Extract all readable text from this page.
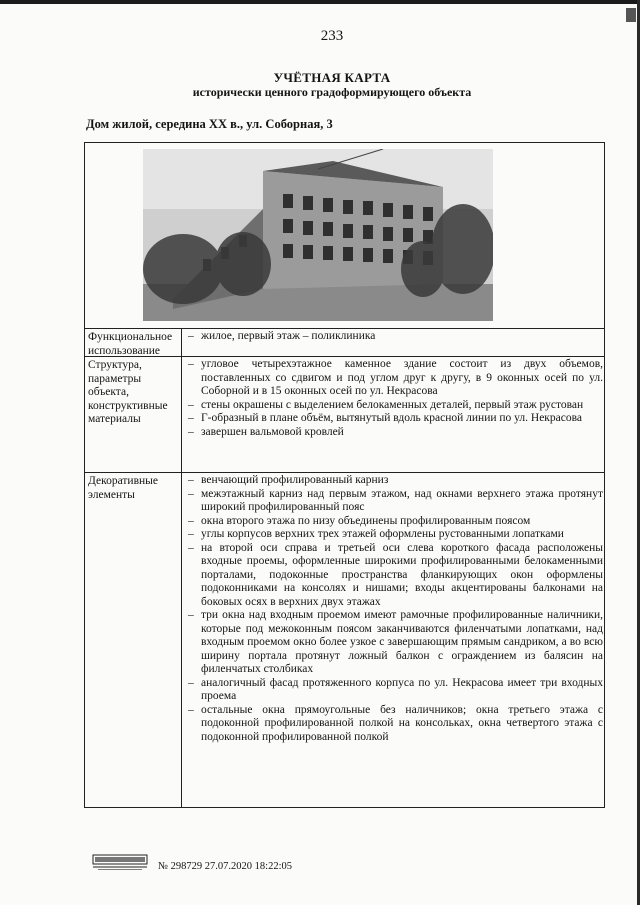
233
УЧЁТНАЯ КАРТА
исторически ценного градоформирующего объекта
Дом жилой, середина XX в., ул. Соборная, 3
Функциональное использование
– жилое, первый этаж – поликлиника
Структура, параметры объекта, конструктивные материалы
– угловое четырехэтажное каменное здание состоит из двух объемов, поставленных со сдвигом и под углом друг к другу, в 9 оконных осей по ул. Соборной и в 15 оконных осей по ул. Некрасова
– стены окрашены с выделением белокаменных деталей, первый этаж рустован
– Г-образный в плане объём, вытянутый вдоль красной линии по ул. Некрасова
– завершен вальмовой кровлей
Декоративные элементы
– венчающий профилированный карниз
– межэтажный карниз над первым этажом, над окнами верхнего этажа протянут широкий профилированный пояс
– окна второго этажа по низу объединены профилированным поясом
– углы корпусов верхних трех этажей оформлены рустованными лопатками
– на второй оси справа и третьей оси слева короткого фасада расположены входные проемы, оформленные широкими профилированными белокаменными порталами, подоконные пространства фланкирующих окон оформлены подоконниками на консолях и нишами; входы акцентированы балконами на боковых осях в верхних двух этажах
– три окна над входным проемом имеют рамочные профилированные наличники, которые под межоконным поясом заканчиваются филенчатыми лопатками, над входным проемом окно более узкое с завершающим прямым сандриком, а во всю ширину портала протянут ложный балкон с ограждением из балясин на филенчатых столбиках
– аналогичный фасад протяженного корпуса по ул. Некрасова имеет три входных проема
– остальные окна прямоугольные без наличников; окна третьего этажа с подоконной профилированной полкой на консольках, окна четвертого этажа с подоконной профилированной полкой
№ 298729 27.07.2020 18:22:05
